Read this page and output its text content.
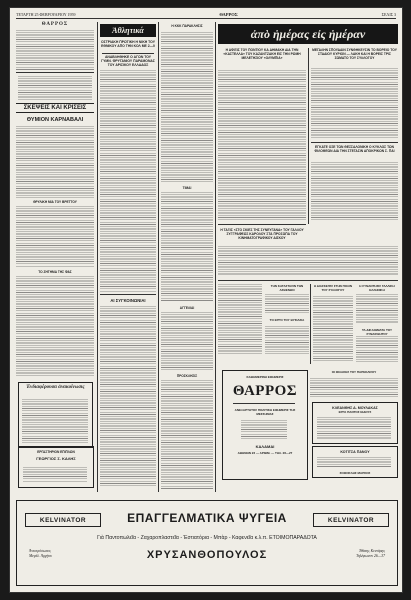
ΤΕΤΑΡΤΗ 25 ΦΕΒΡΟΥΑΡΙΟΥ 1959	ΘΑΡΡΟΣ	ΣΕΛΙΣ 3
ΘΑΡΡΟΣ
ΣΚΕΨΕΙΣ ΚΑΙ ΚΡΙΣΕΙΣ
ΘΥΜΙΟΝ ΚΑΡΝΑΒΑΛΙ
ΘΡΥΛΙΚΗ ΜΙΑ ΤΟΥ ΒΡΕΤΤΟΥ
ΤΟ ΖΗΤΗΜΑ ΤΗΣ ΦΑΣ
Ἐνδιαφέρουσα ἀνακοίνωσις
ΕΡΓΑΣΤΗΡΙΟΝ ΕΠΙΠΛΩΝ
ΓΕΩΡΓΙΟΣ Σ. ΚΑΛΗΣ
Ἀθλητικά
ΟΣΤΡΙΑΚΗ ΠΡΩΤΙΚΗ Η ΝΙΚΗ ΤΟΥ ΕΘΝΙΚΟΥ ΑΠΟ ΤΗΝ ΚΟΛ ΜΕ 2—0
ΑΝΑΒΛΗΘΗΚΕ Ο ΑΓΩΝ ΤΟΥ ΓΥΜΝ. ΦΡΥΓΑΝΙΟΥ ΠΑΡΑΜΟΝΑΣ ΤΟΥ ΑΡΙΣΙΚΟΥ ΕΛΛΑΔΟΣ
ΑΙ ΣΥΓΚΟΙΝΩΝΙΑΙ
Η ΚΚΚ ΠΑΡΑΚΛΗΣΙΣ
ΤΙΜΑΙ
ΑΓΓΕΛΙΑΙ
ΠΡΟΣΚΛΗΣΙΣ
ἀπὸ ἡμέρας εἰς ἡμέραν
Η ΑΦΙΞΙΣ ΤΟΥ ΠΟΝΤΙΟΥ ΚΑ ΔΗΜΑΚΗ ΔΙΑ ΤΗΝ «ΚΑΣΤΕΛΛΑ» ΤΟΥ ΚΑΖΑΝΤΖΑΚΗ ΕΙΣ ΤΗΝ ΡΩΜΗ ΜΕΛΕΤΗΣΙΟΥ «ΟΛΥΜΠΙΑ»
Η ΤΑΞΙΣ «ΣΤΟ ΣΚΙΕΣ ΤΗΣ ΣΥΝΕΥΓΑΝΑ» ΤΟΥ ΓΑΛΛΟΥ ΣΥΓΓΡΑΦΕΩΣ ΚΑΡΟΛΟΥ ΣΤΑ ΠΡΟΣΩΠΑ ΤΟΥ ΚΙΝΗΜΑΤΟΓΡΑΦΙΚΟΥ ΔΙΣΚΟΥ
ΜΕΓΑΛΗΝ ΣΠΟΥΔΑΙΝ ΣΥΝΘΗΚΕΥΣΙΝ ΤΟ ΒΟΡΕΙΟ ΤΟΥ ΣΤΑΔΙΟΥ ΚΥΡΙΟΝ — ΛΑΚΗ ΚΑΙ Η ΒΟΡΕΙΣ ΤΡΙΣ ΣΩΜΑΤΟ ΤΟΥ ΣΥΛΛΟΓΟΥ
ΕΓΚΑΤΕ ΟΣΕ ΤΩΝ ΘΕΣΣΑΛΟΝΙΚΗ Ο ΚΥΚΛΟΣ ΤΩΝ ΦΙΛΟΘΕΩΝ ΔΙΑ ΤΗΝ ΣΤΕΓΑΣΙΝ ΑΠΟΚΡΙΚΩΝ Σ. ΠΑΙ
ΤΗΝ ΚΑΤΑΣΤΑΣΙΝ ΤΩΝ ΑΣΘΕΝΩΝ
ΤΟ ΕΡΓΟ ΤΟΥ ΘΥΣΙΑΣΙΑ
Η ΔΙΑΣΚΕΨΙΣ ΣΤΗΝ ΠΟΛΙΝ ΤΟΥ ΣΥΛΛΟΓΟΥ
Η ΣΥΝΑΝΤΗΣΙΣ ΓΑΛΛΙΚΗ ΕΛΛΗΝΙΚΗ
ΤΑ ΔΙΚΑΙΩΜΑΤΑ ΤΟΥ ΣΥΝΑΙΣΘΗΤΟΥ
ΚΑΘΗΜΕΡΙΝΗ ΕΦΗΜΕΡΙΣ
ΘΑΡΡΟΣ
ΑΝΕΞΑΡΤΗΤΟΣ ΠΟΛΙΤΙΚΗ ΕΦΗΜΕΡΙΣ ΤΗΣ ΜΕΣΣΗΝΙΑΣ
ΚΑΛΑΜΑΙ
ΑΘΗΝΩΝ 22 — ΑΡΙΘΜ. — ΤΗΛ. 26—27
ΟΙ ΦΙΛΑΚΕΣ ΤΟΥ ΠΑΡΕΚΛΙΣΟΥ
ΚΛΕΑΝΘΗΣ Δ. ΜΟΥΛΑΚΑΣ
ΕΡΓΑ ΠΑΝΤΟΣ ΕΙΔΟΥΣ
ΚΟΤΙΤΣΑ ΠΑΝΟΥ
ΣΟΦΟΚΛΗΣ ΜΑΡΚΟΣ
KELVINATOR	ΕΠΑΓΓΕΛΜΑΤΙΚΑ ΨΥΓΕΙΑ	KELVINATOR
Γιὰ Παντοπωλεῖα - Ζαχαροπλαστεῖα - Ἑστιατόρια - Μπὰρ - Καφενεῖα κ.λ.π. ΕΤΟΙΜΟΠΑΡΑΔΟΤΑ
Ἀντιπρόσωπος
Μεγάλ. Ἀρχήου	ΧΡΥΣΑΝΘΟΠΟΥΛΟΣ	Ἰθάκης Κεντάρης
Τηλέφωνον 26—37
